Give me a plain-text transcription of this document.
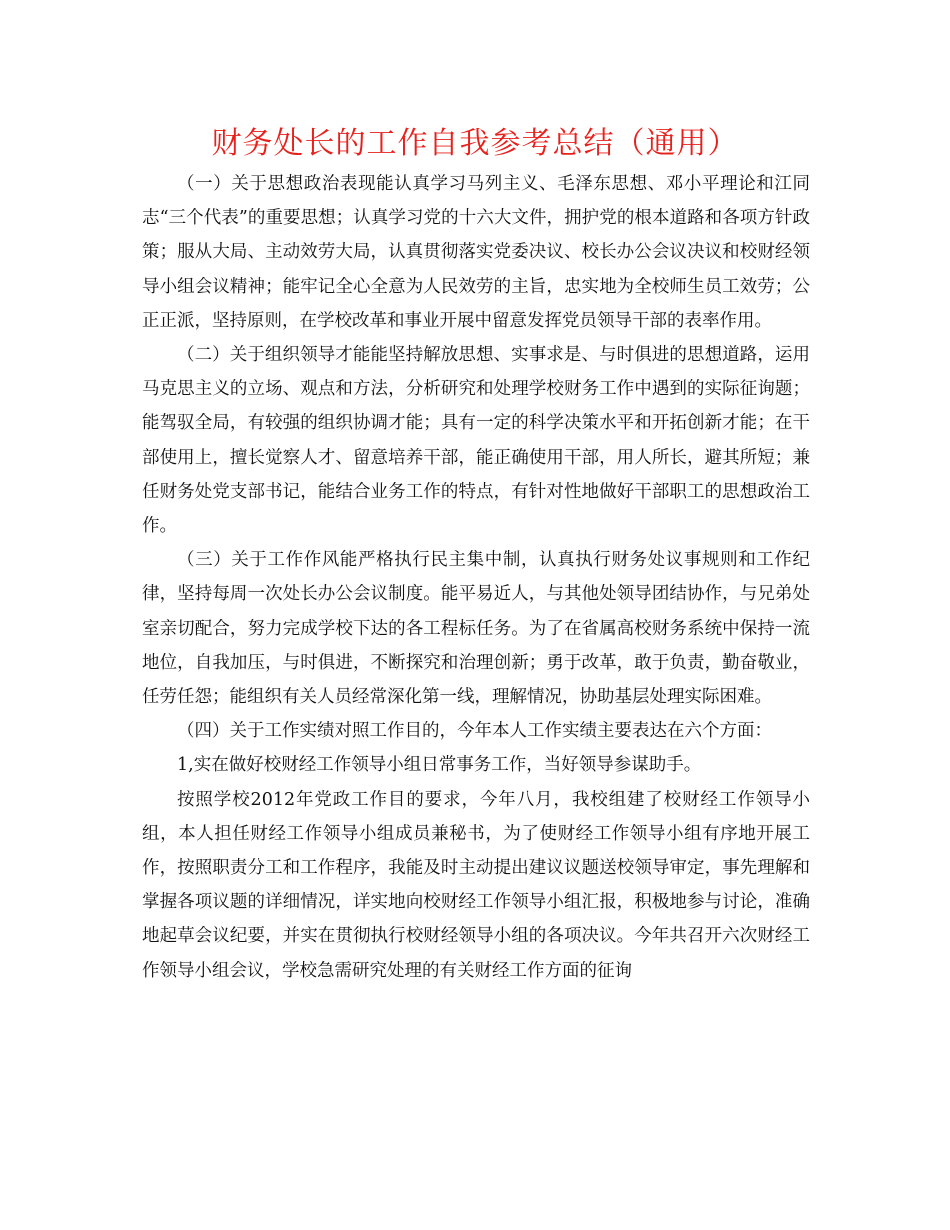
财务处长的工作自我参考总结（通用）

（一）关于思想政治表现能认真学习马列主义、毛泽东思想、邓小平理论和江同志“三个代表”的重要思想；认真学习党的十六大文件，拥护党的根本道路和各项方针政策；服从大局、主动效劳大局，认真贯彻落实党委决议、校长办公会议决议和校财经领导小组会议精神；能牢记全心全意为人民效劳的主旨，忠实地为全校师生员工效劳；公正正派，坚持原则，在学校改革和事业开展中留意发挥党员领导干部的表率作用。

（二）关于组织领导才能能坚持解放思想、实事求是、与时俱进的思想道路，运用马克思主义的立场、观点和方法，分析研究和处理学校财务工作中遇到的实际征询题；能驾驭全局，有较强的组织协调才能；具有一定的科学决策水平和开拓创新才能；在干部使用上，擅长觉察人才、留意培养干部，能正确使用干部，用人所长，避其所短；兼任财务处党支部书记，能结合业务工作的特点，有针对性地做好干部职工的思想政治工作。

（三）关于工作作风能严格执行民主集中制，认真执行财务处议事规则和工作纪律，坚持每周一次处长办公会议制度。能平易近人，与其他处领导团结协作，与兄弟处室亲切配合，努力完成学校下达的各工程标任务。为了在省属高校财务系统中保持一流地位，自我加压，与时俱进，不断探究和治理创新；勇于改革，敢于负责，勤奋敬业，任劳任怨；能组织有关人员经常深化第一线，理解情况，协助基层处理实际困难。

（四）关于工作实绩对照工作目的，今年本人工作实绩主要表达在六个方面：

1,实在做好校财经工作领导小组日常事务工作，当好领导参谋助手。

按照学校2012年党政工作目的要求，今年八月，我校组建了校财经工作领导小组，本人担任财经工作领导小组成员兼秘书，为了使财经工作领导小组有序地开展工作，按照职责分工和工作程序，我能及时主动提出建议议题送校领导审定，事先理解和掌握各项议题的详细情况，详实地向校财经工作领导小组汇报，积极地参与讨论，准确地起草会议纪要，并实在贯彻执行校财经领导小组的各项决议。今年共召开六次财经工作领导小组会议，学校急需研究处理的有关财经工作方面的征询
